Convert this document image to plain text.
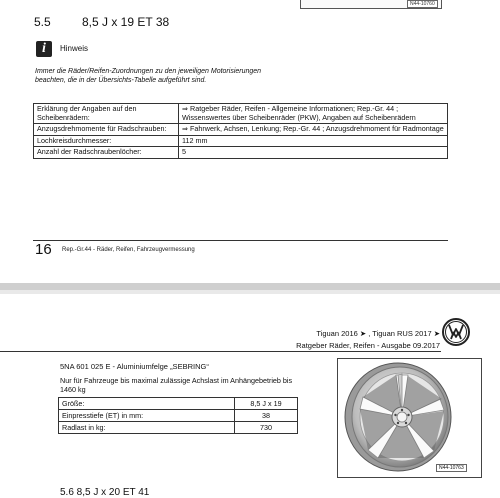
N44-10760
5.5	8,5 J x 19 ET 38
i	Hinweis
Immer die Räder/Reifen-Zuordnungen zu den jeweiligen Motorisierungen beachten, die in der Übersichts-Tabelle aufgeführt sind.
Erklärung der Angaben auf den Scheibenrädern:	⇒ Ratgeber Räder, Reifen - Allgemeine Informationen; Rep.-Gr. 44 ; Wissenswertes über Scheibenräder (PKW), Angaben auf Scheibenrädern
Anzugsdrehmomente für Radschrauben:	⇒ Fahrwerk, Achsen, Lenkung; Rep.-Gr. 44 ; Anzugsdrehmoment für Radmontage
Lochkreisdurchmesser:	112 mm
Anzahl der Radschraubenlöcher:	5
16 Rep.-Gr.44 - Räder, Reifen, Fahrzeugvermessung
Tiguan 2016 ➤ , Tiguan RUS 2017 ➤
Ratgeber Räder, Reifen - Ausgabe 09.2017
5NA 601 025 E - Aluminiumfelge „SEBRING“
Nur für Fahrzeuge bis maximal zulässige Achslast im Anhängebetrieb bis 1460 kg
Größe:	8,5 J x 19
Einpresstiefe (ET) in mm:	38
Radlast in kg:	730
N44-10763
5.6 8,5 J x 20 ET 41
